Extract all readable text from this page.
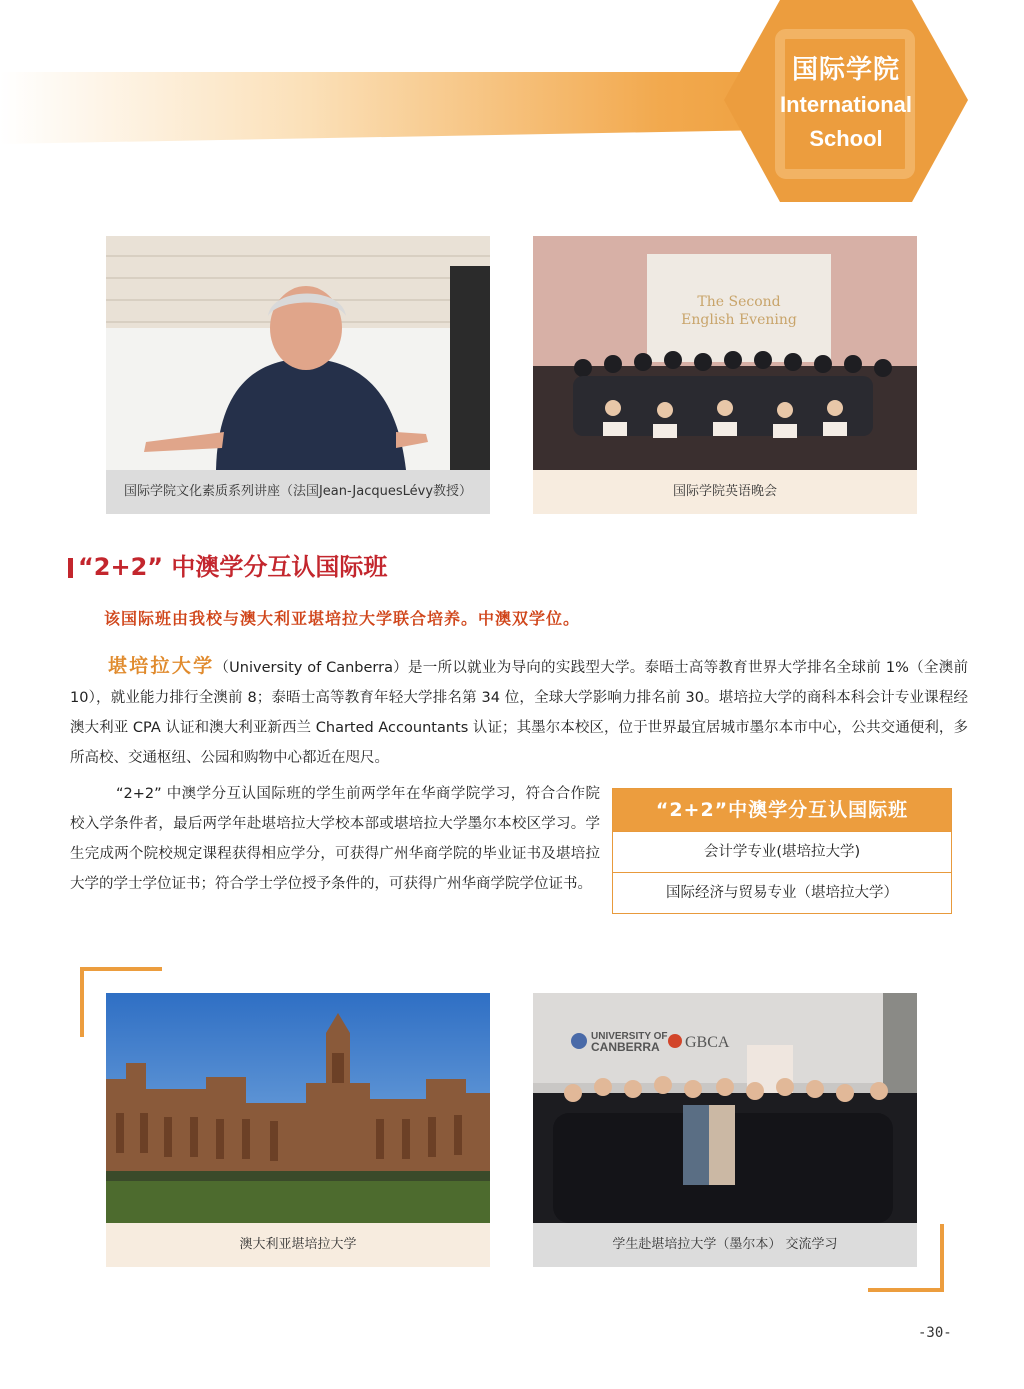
国际学院
International
School
国际学院文化素质系列讲座（法国Jean-JacquesLévy教授）
The Second
English Evening
国际学院英语晚会
“2+2” 中澳学分互认国际班
该国际班由我校与澳大利亚堪培拉大学联合培养。中澳双学位。
堪培拉大学（University of Canberra）是一所以就业为导向的实践型大学。泰晤士高等教育世界大学排名全球前 1%（全澳前 10），就业能力排行全澳前 8；泰晤士高等教育年轻大学排名第 34 位，全球大学影响力排名前 30。堪培拉大学的商科本科会计专业课程经澳大利亚 CPA 认证和澳大利亚新西兰 Charted Accountants 认证；其墨尔本校区，位于世界最宜居城市墨尔本市中心，公共交通便利，多所高校、交通枢纽、公园和购物中心都近在咫尺。
“2+2” 中澳学分互认国际班的学生前两学年在华商学院学习，符合合作院校入学条件者，最后两学年赴堪培拉大学校本部或堪培拉大学墨尔本校区学习。学生完成两个院校规定课程获得相应学分，可获得广州华商学院的毕业证书及堪培拉大学的学士学位证书；符合学士学位授予条件的，可获得广州华商学院学位证书。
“2+2”中澳学分互认国际班
会计学专业(堪培拉大学)
国际经济与贸易专业（堪培拉大学）
澳大利亚堪培拉大学
UNIVERSITY OF
CANBERRA GBCA
学生赴堪培拉大学（墨尔本） 交流学习
-30-
